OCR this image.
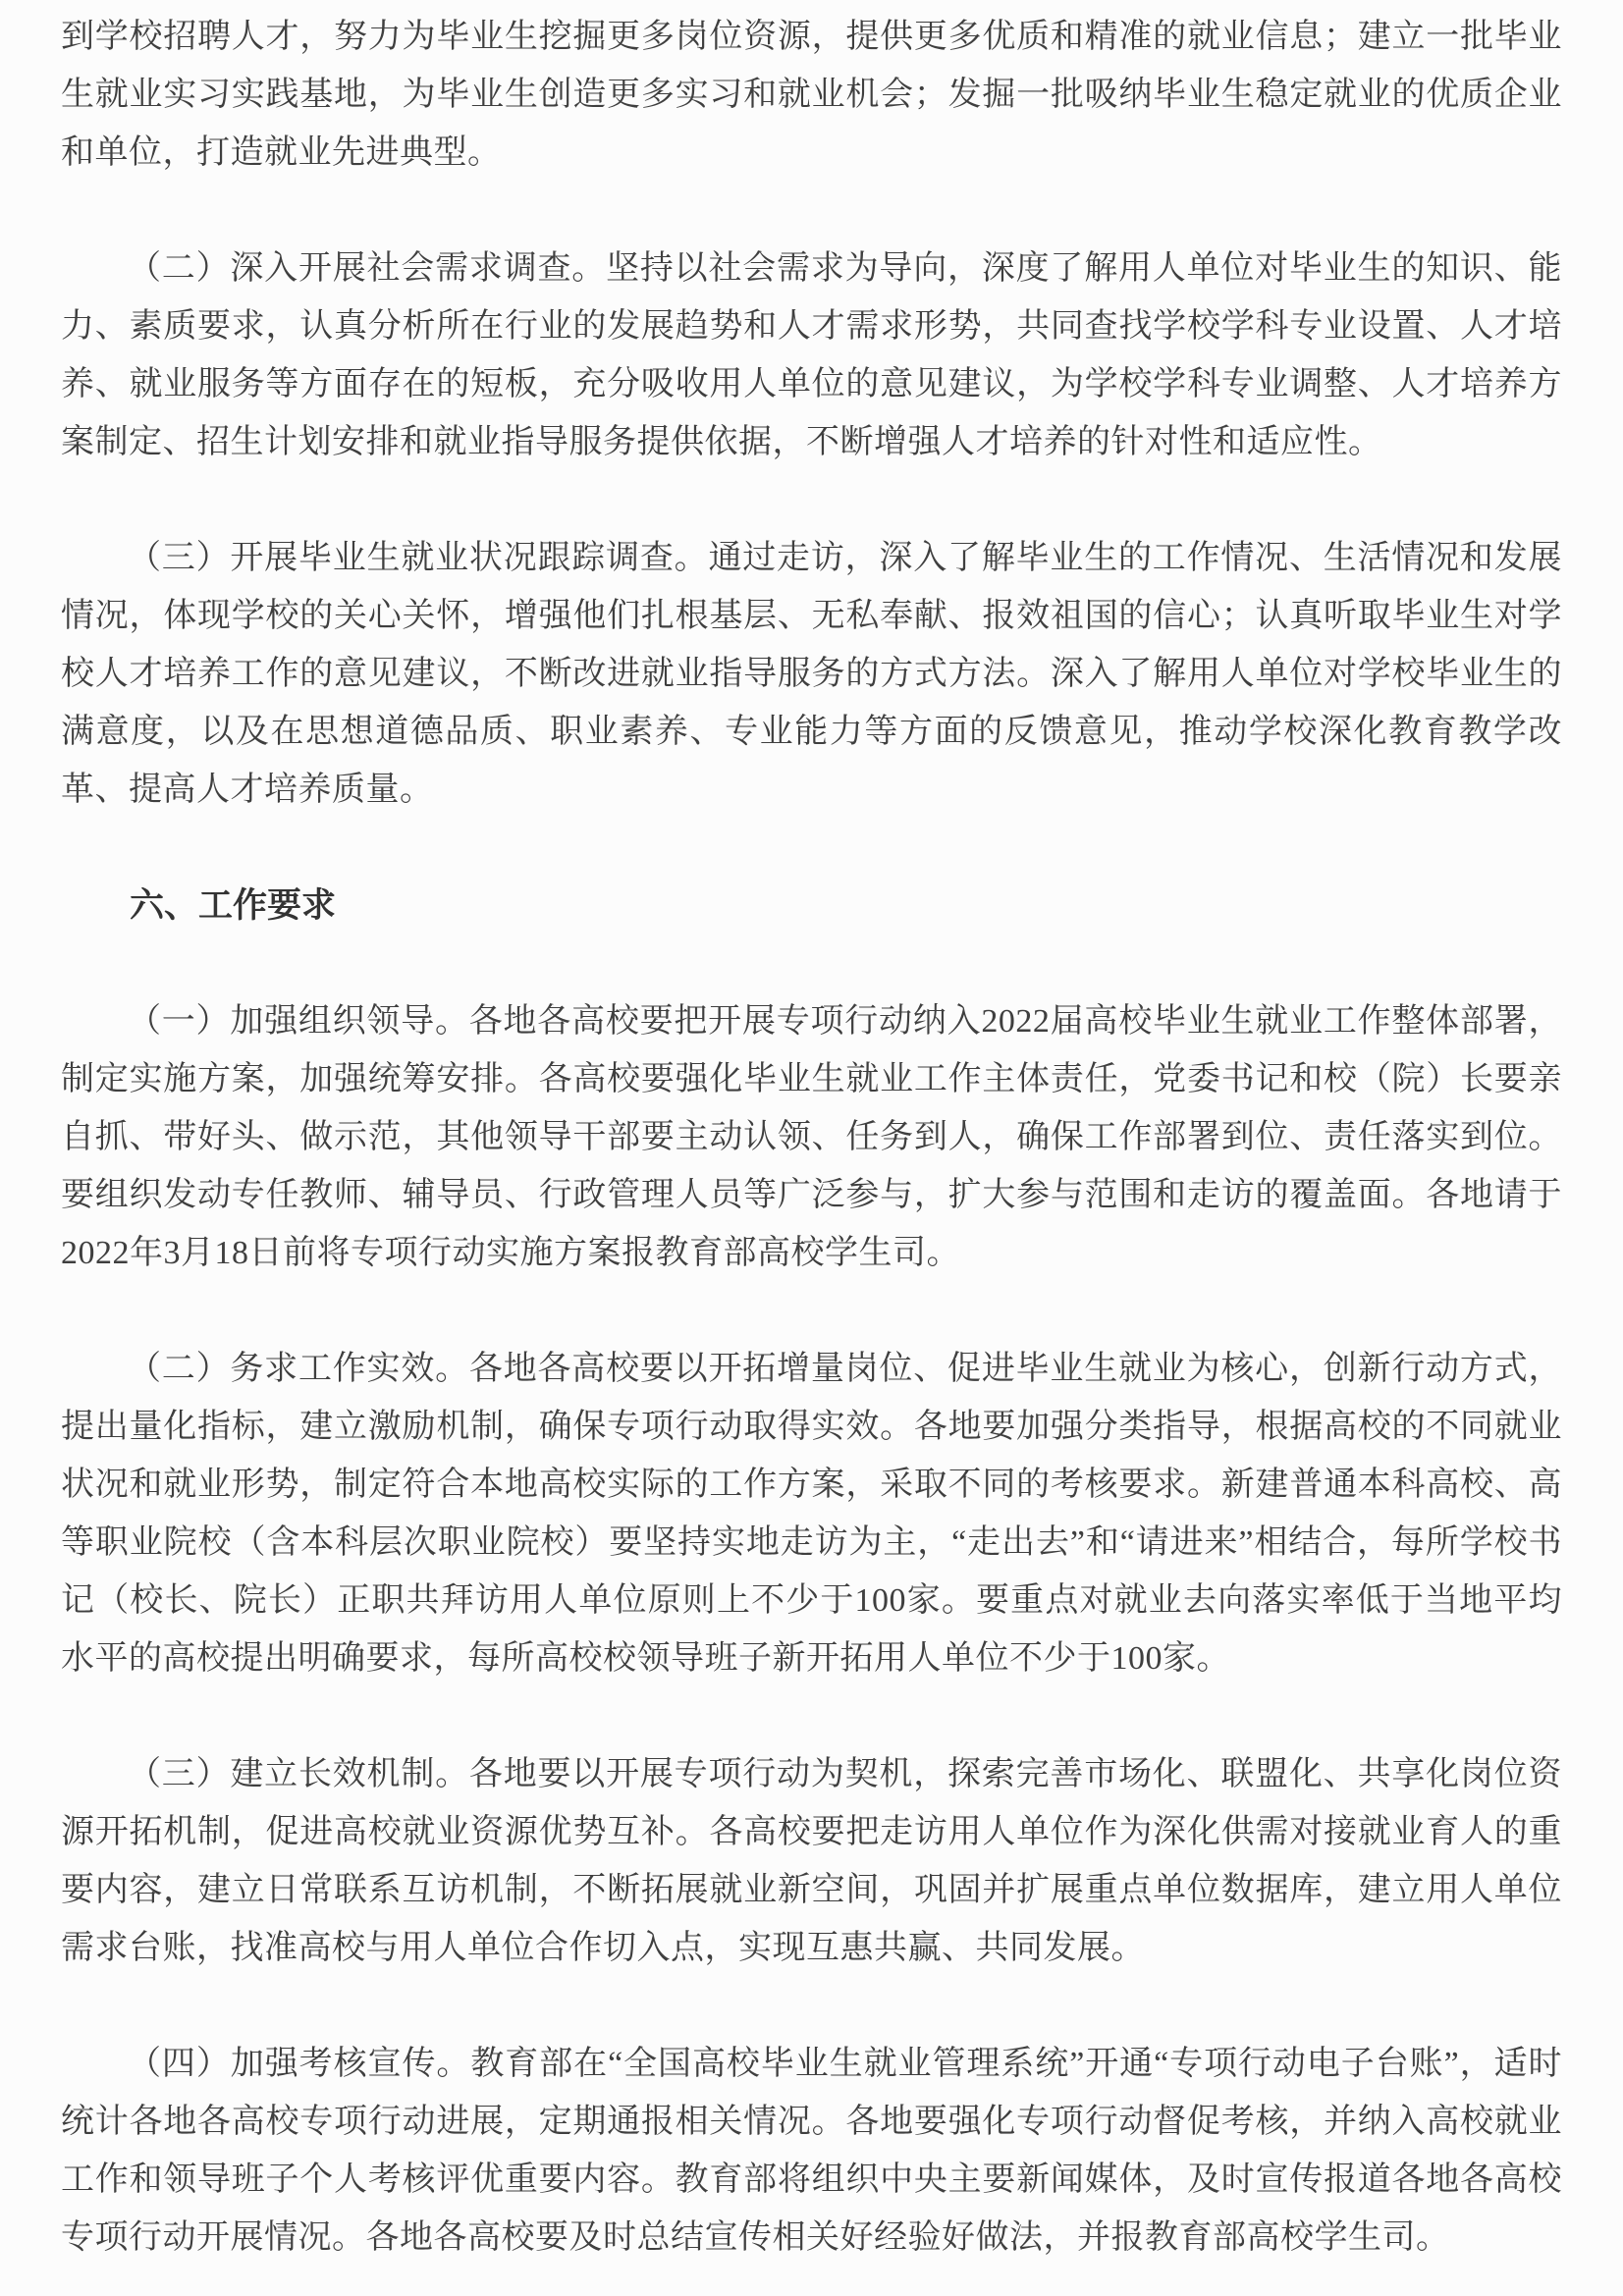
到学校招聘人才，努力为毕业生挖掘更多岗位资源，提供更多优质和精准的就业信息；建立一批毕业生就业实习实践基地，为毕业生创造更多实习和就业机会；发掘一批吸纳毕业生稳定就业的优质企业和单位，打造就业先进典型。

（二）深入开展社会需求调查。坚持以社会需求为导向，深度了解用人单位对毕业生的知识、能力、素质要求，认真分析所在行业的发展趋势和人才需求形势，共同查找学校学科专业设置、人才培养、就业服务等方面存在的短板，充分吸收用人单位的意见建议，为学校学科专业调整、人才培养方案制定、招生计划安排和就业指导服务提供依据，不断增强人才培养的针对性和适应性。

（三）开展毕业生就业状况跟踪调查。通过走访，深入了解毕业生的工作情况、生活情况和发展情况，体现学校的关心关怀，增强他们扎根基层、无私奉献、报效祖国的信心；认真听取毕业生对学校人才培养工作的意见建议，不断改进就业指导服务的方式方法。深入了解用人单位对学校毕业生的满意度，以及在思想道德品质、职业素养、专业能力等方面的反馈意见，推动学校深化教育教学改革、提高人才培养质量。

六、工作要求

（一）加强组织领导。各地各高校要把开展专项行动纳入2022届高校毕业生就业工作整体部署，制定实施方案，加强统筹安排。各高校要强化毕业生就业工作主体责任，党委书记和校（院）长要亲自抓、带好头、做示范，其他领导干部要主动认领、任务到人，确保工作部署到位、责任落实到位。要组织发动专任教师、辅导员、行政管理人员等广泛参与，扩大参与范围和走访的覆盖面。各地请于2022年3月18日前将专项行动实施方案报教育部高校学生司。

（二）务求工作实效。各地各高校要以开拓增量岗位、促进毕业生就业为核心，创新行动方式，提出量化指标，建立激励机制，确保专项行动取得实效。各地要加强分类指导，根据高校的不同就业状况和就业形势，制定符合本地高校实际的工作方案，采取不同的考核要求。新建普通本科高校、高等职业院校（含本科层次职业院校）要坚持实地走访为主，“走出去”和“请进来”相结合，每所学校书记（校长、院长）正职共拜访用人单位原则上不少于100家。要重点对就业去向落实率低于当地平均水平的高校提出明确要求，每所高校校领导班子新开拓用人单位不少于100家。

（三）建立长效机制。各地要以开展专项行动为契机，探索完善市场化、联盟化、共享化岗位资源开拓机制，促进高校就业资源优势互补。各高校要把走访用人单位作为深化供需对接就业育人的重要内容，建立日常联系互访机制，不断拓展就业新空间，巩固并扩展重点单位数据库，建立用人单位需求台账，找准高校与用人单位合作切入点，实现互惠共赢、共同发展。

（四）加强考核宣传。教育部在“全国高校毕业生就业管理系统”开通“专项行动电子台账”，适时统计各地各高校专项行动进展，定期通报相关情况。各地要强化专项行动督促考核，并纳入高校就业工作和领导班子个人考核评优重要内容。教育部将组织中央主要新闻媒体，及时宣传报道各地各高校专项行动开展情况。各地各高校要及时总结宣传相关好经验好做法，并报教育部高校学生司。
